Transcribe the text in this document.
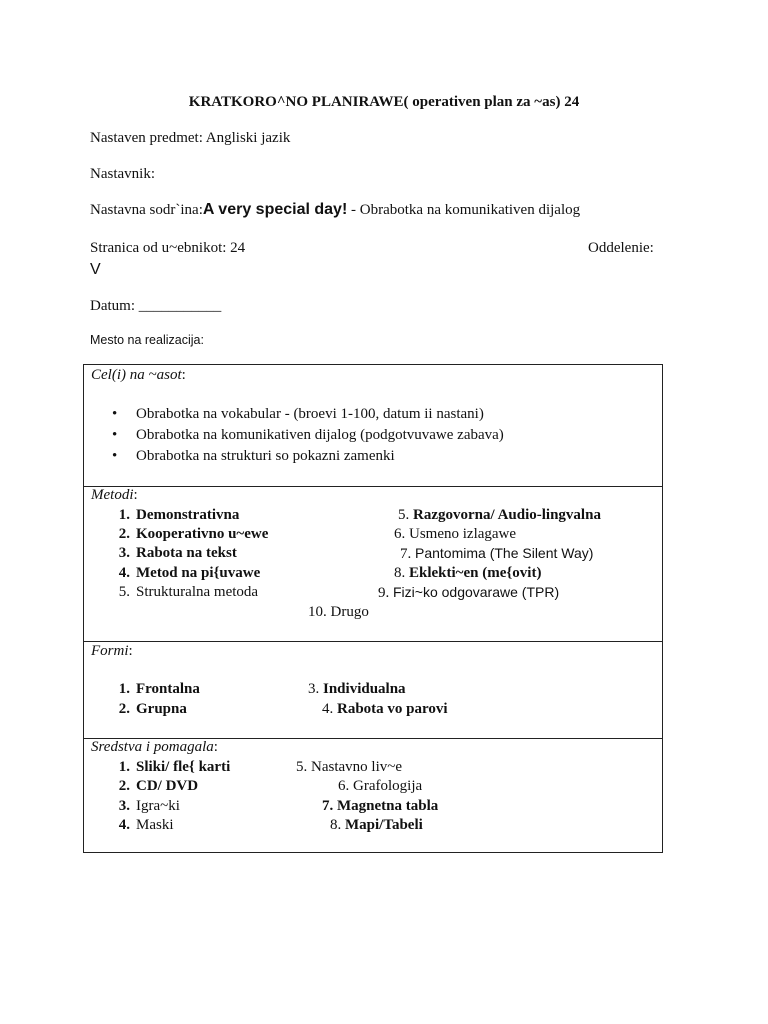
KRATKORO^NO PLANIRAWE( operativen plan za ~as) 24
Nastaven predmet: Angliski jazik
Nastavnik:
Nastavna sodr`ina:A very special day! - Obrabotka na komunikativen dijalog
Stranica od u~ebnikot: 24	Oddelenie:
V
Datum: ___________
Mesto na realizacija:
Cel(i) na ~asot:
• Obrabotka na vokabular - (broevi 1-100, datum ii nastani)
• Obrabotka na komunikativen dijalog (podgotvuvawe zabava)
• Obrabotka na strukturi so pokazni zamenki
Metodi:
1. Demonstrativna
2. Kooperativno u~ewe
3. Rabota na tekst
4. Metod na pi{uvawe
5. Strukturalna metoda
5. Razgovorna/ Audio-lingvalna
6. Usmeno izlagawe
7. Pantomima (The Silent Way)
8. Eklekti~en (me{ovit)
9. Fizi~ko odgovarawe (TPR)
10. Drugo
Formi:
1. Frontalna
2. Grupna
3. Individualna
4. Rabota vo parovi
Sredstva i pomagala:
1. Sliki/ fle{ karti
2. CD/ DVD
3. Igra~ki
4. Maski
5. Nastavno liv~e
6. Grafologija
7. Magnetna tabla
8. Mapi/Tabeli
